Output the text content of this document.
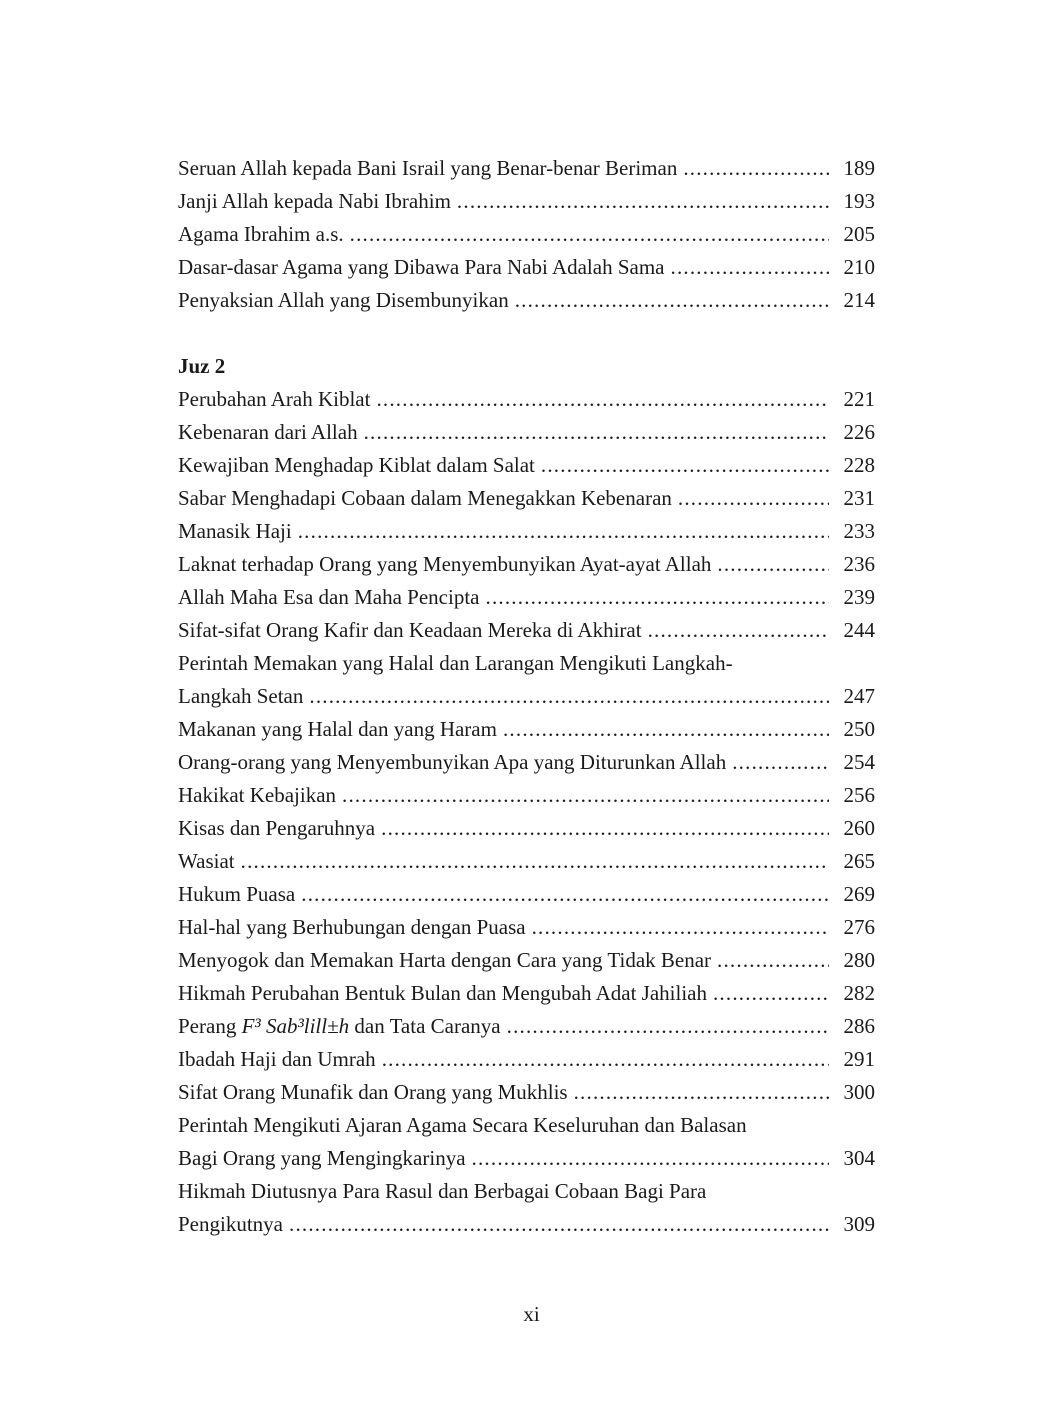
Seruan Allah kepada Bani Israil yang Benar-benar Beriman .....	189
Janji Allah kepada Nabi Ibrahim .....	193
Agama Ibrahim a.s. .....	205
Dasar-dasar Agama yang Dibawa Para Nabi Adalah Sama .....	210
Penyaksian Allah yang Disembunyikan .....	214
Juz 2
Perubahan Arah Kiblat .....	221
Kebenaran dari Allah .....	226
Kewajiban Menghadap Kiblat dalam Salat .....	228
Sabar Menghadapi Cobaan dalam Menegakkan Kebenaran .....	231
Manasik Haji .....	233
Laknat terhadap Orang yang Menyembunyikan Ayat-ayat Allah .....	236
Allah Maha Esa dan Maha Pencipta .....	239
Sifat-sifat Orang Kafir dan Keadaan Mereka di Akhirat .....	244
Perintah Memakan yang Halal dan Larangan Mengikuti Langkah-
Langkah Setan .....	247
Makanan yang Halal dan yang Haram .....	250
Orang-orang yang Menyembunyikan Apa yang Diturunkan Allah .....	254
Hakikat Kebajikan .....	256
Kisas dan Pengaruhnya .....	260
Wasiat .....	265
Hukum Puasa .....	269
Hal-hal yang Berhubungan dengan Puasa .....	276
Menyogok dan Memakan Harta dengan Cara yang Tidak Benar .....	280
Hikmah Perubahan Bentuk Bulan dan Mengubah Adat Jahiliah .....	282
Perang F³ Sab³lill±h dan Tata Caranya .....	286
Ibadah Haji dan Umrah .....	291
Sifat Orang Munafik dan Orang yang Mukhlis .....	300
Perintah Mengikuti Ajaran Agama Secara Keseluruhan dan Balasan
Bagi Orang yang Mengingkarinya .....	304
Hikmah Diutusnya Para Rasul dan Berbagai Cobaan Bagi Para
Pengikutnya .....	309
xi
